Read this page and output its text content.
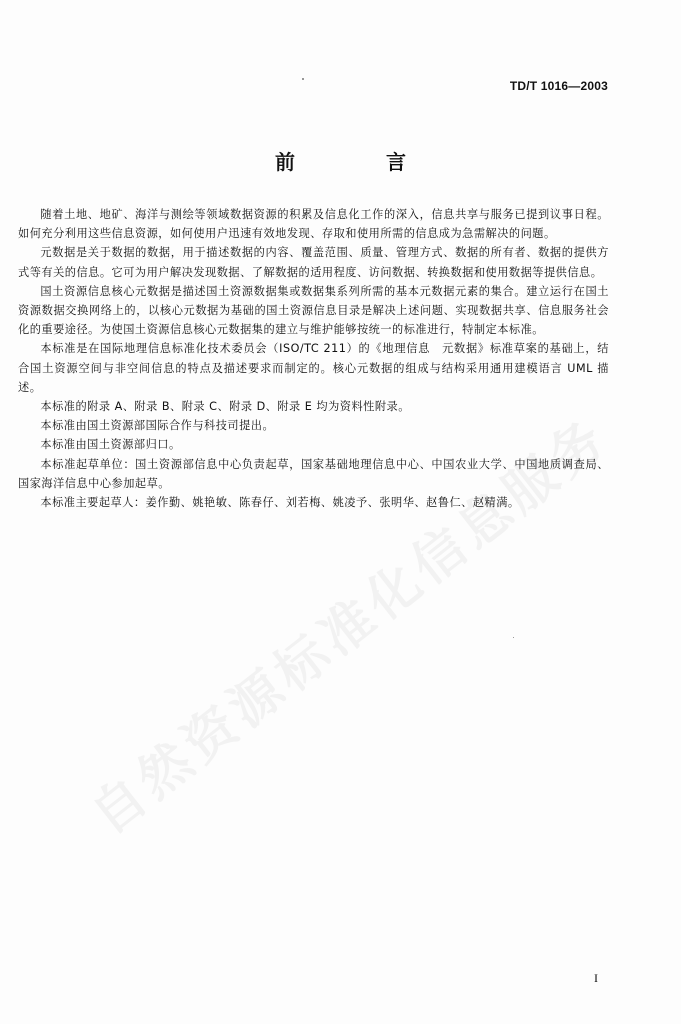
TD/T 1016—2003
前 言

随着土地、地矿、海洋与测绘等领域数据资源的积累及信息化工作的深入，信息共享与服务已提到议事日程。如何充分利用这些信息资源，如何使用户迅速有效地发现、存取和使用所需的信息成为急需解决的问题。

元数据是关于数据的数据，用于描述数据的内容、覆盖范围、质量、管理方式、数据的所有者、数据的提供方式等有关的信息。它可为用户解决发现数据、了解数据的适用程度、访问数据、转换数据和使用数据等提供信息。

国土资源信息核心元数据是描述国土资源数据集或数据集系列所需的基本元数据元素的集合。建立运行在国土资源数据交换网络上的，以核心元数据为基础的国土资源信息目录是解决上述问题、实现数据共享、信息服务社会化的重要途径。为使国土资源信息核心元数据集的建立与维护能够按统一的标准进行，特制定本标准。

本标准是在国际地理信息标准化技术委员会（ISO/TC 211）的《地理信息　元数据》标准草案的基础上，结合国土资源空间与非空间信息的特点及描述要求而制定的。核心元数据的组成与结构采用通用建模语言 UML 描述。

本标准的附录 A、附录 B、附录 C、附录 D、附录 E 均为资料性附录。

本标准由国土资源部国际合作与科技司提出。

本标准由国土资源部归口。

本标准起草单位：国土资源部信息中心负责起草，国家基础地理信息中心、中国农业大学、中国地质调查局、国家海洋信息中心参加起草。

本标准主要起草人：姜作勤、姚艳敏、陈春仔、刘若梅、姚凌予、张明华、赵鲁仁、赵精满。

I
